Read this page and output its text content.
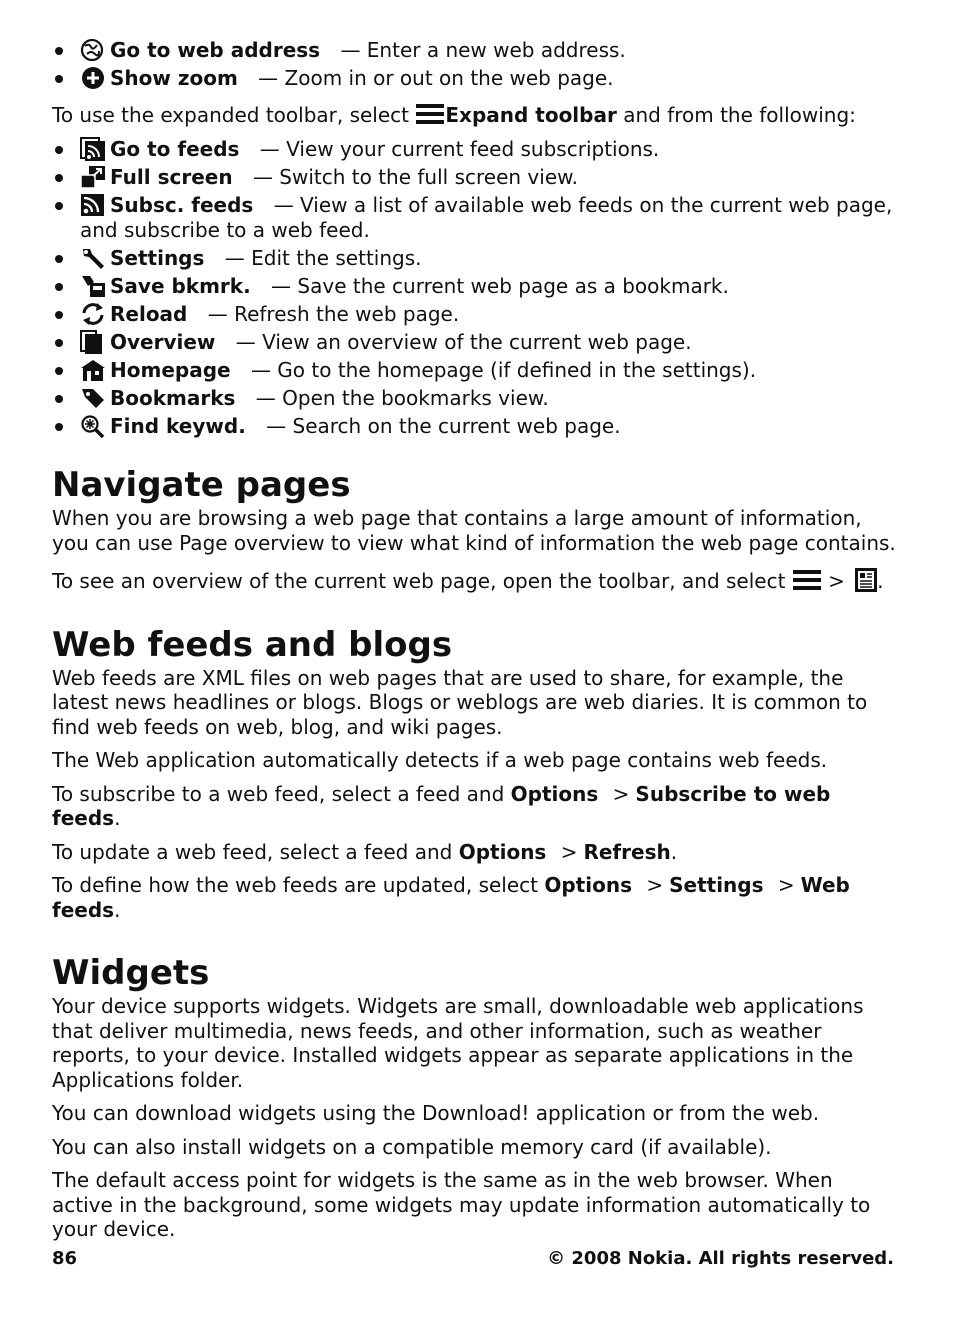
Go to web address — Enter a new web address.
Show zoom — Zoom in or out on the web page.

To use the expanded toolbar, select Expand toolbar and from the following:

Go to feeds — View your current feed subscriptions.
Full screen — Switch to the full screen view.
Subsc. feeds — View a list of available web feeds on the current web page, and subscribe to a web feed.
Settings — Edit the settings.
Save bkmrk. — Save the current web page as a bookmark.
Reload — Refresh the web page.
Overview — View an overview of the current web page.
Homepage — Go to the homepage (if defined in the settings).
Bookmarks — Open the bookmarks view.
Find keywd. — Search on the current web page.
Navigate pages

When you are browsing a web page that contains a large amount of information, you can use Page overview to view what kind of information the web page contains.

To see an overview of the current web page, open the toolbar, and select > .

Web feeds and blogs

Web feeds are XML files on web pages that are used to share, for example, the latest news headlines or blogs. Blogs or weblogs are web diaries. It is common to find web feeds on web, blog, and wiki pages.

The Web application automatically detects if a web page contains web feeds.

To subscribe to a web feed, select a feed and Options > Subscribe to web feeds.

To update a web feed, select a feed and Options > Refresh.

To define how the web feeds are updated, select Options > Settings > Web feeds.

Widgets

Your device supports widgets. Widgets are small, downloadable web applications that deliver multimedia, news feeds, and other information, such as weather reports, to your device. Installed widgets appear as separate applications in the Applications folder.

You can download widgets using the Download! application or from the web.

You can also install widgets on a compatible memory card (if available).

The default access point for widgets is the same as in the web browser. When active in the background, some widgets may update information automatically to your device.

86	© 2008 Nokia. All rights reserved.
